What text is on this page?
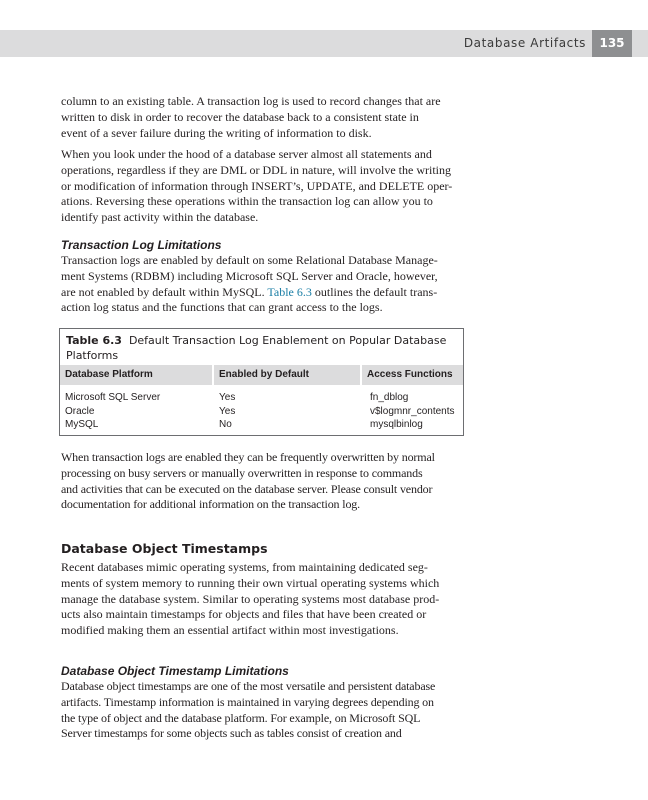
Database Artifacts	135
column to an existing table. A transaction log is used to record changes that are
written to disk in order to recover the database back to a consistent state in
event of a sever failure during the writing of information to disk.
When you look under the hood of a database server almost all statements and
operations, regardless if they are DML or DDL in nature, will involve the writing
or modification of information through INSERT’s, UPDATE, and DELETE oper-
ations. Reversing these operations within the transaction log can allow you to
identify past activity within the database.
Transaction Log Limitations
Transaction logs are enabled by default on some Relational Database Manage-
ment Systems (RDBM) including Microsoft SQL Server and Oracle, however,
are not enabled by default within MySQL. Table 6.3 outlines the default trans-
action log status and the functions that can grant access to the logs.
Table 6.3 Default Transaction Log Enablement on Popular Database Platforms
Database Platform	Enabled by Default	Access Functions
Microsoft SQL Server	Yes	fn_dblog
Oracle	Yes	v$logmnr_contents
MySQL	No	mysqlbinlog
When transaction logs are enabled they can be frequently overwritten by normal
processing on busy servers or manually overwritten in response to commands
and activities that can be executed on the database server. Please consult vendor
documentation for additional information on the transaction log.
Database Object Timestamps
Recent databases mimic operating systems, from maintaining dedicated seg-
ments of system memory to running their own virtual operating systems which
manage the database system. Similar to operating systems most database prod-
ucts also maintain timestamps for objects and files that have been created or
modified making them an essential artifact within most investigations.
Database Object Timestamp Limitations
Database object timestamps are one of the most versatile and persistent database
artifacts. Timestamp information is maintained in varying degrees depending on
the type of object and the database platform. For example, on Microsoft SQL
Server timestamps for some objects such as tables consist of creation and
